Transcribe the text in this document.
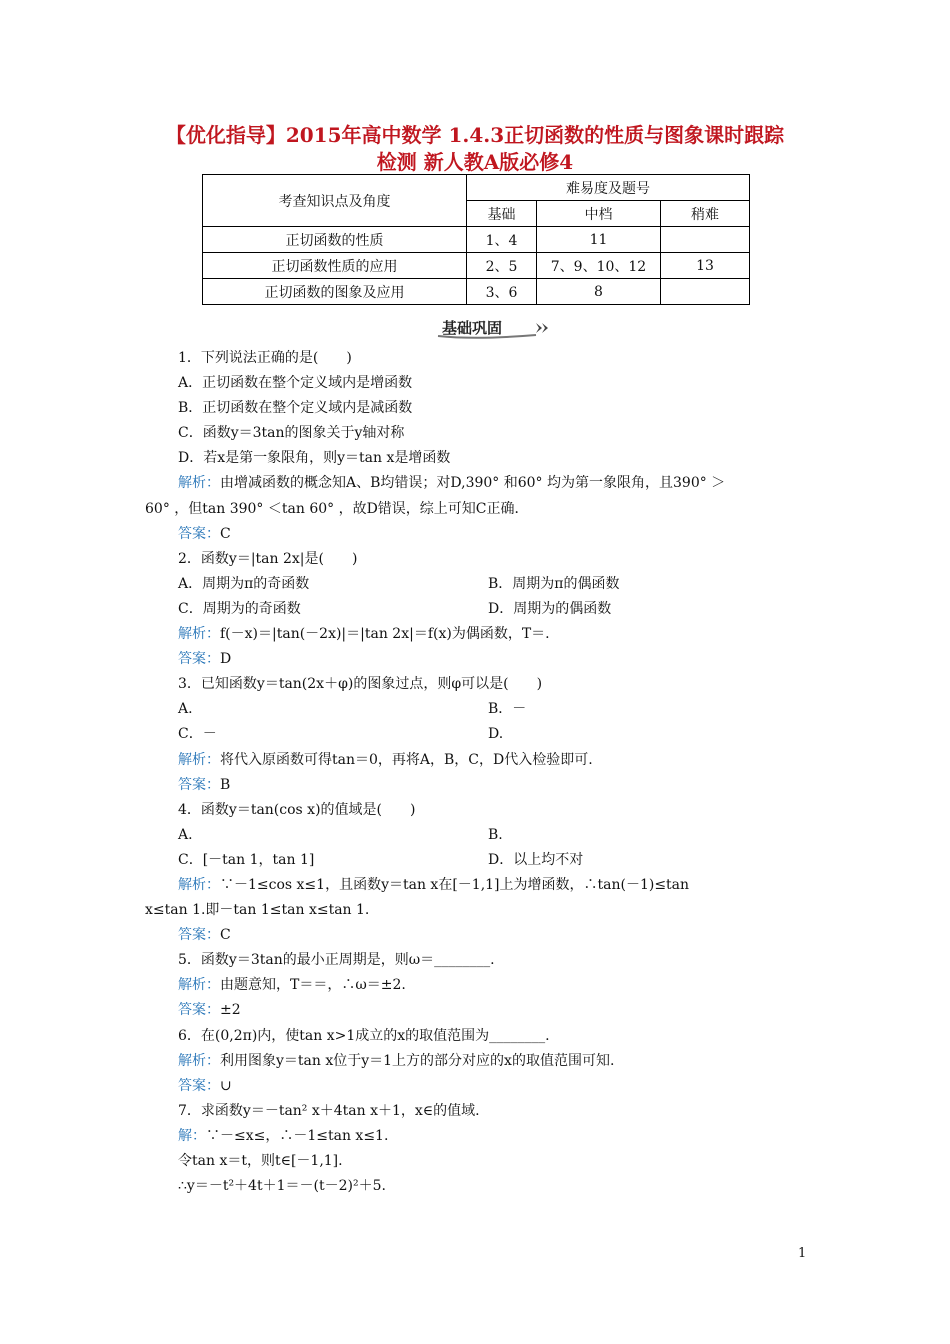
【优化指导】2015年高中数学 1.4.3正切函数的性质与图象课时跟踪
检测 新人教A版必修4
考查知识点及角度	难易度及题号		
	基础	中档	稍难
正切函数的性质	1、4	11	
正切函数性质的应用	2、5	7、9、10、12	13
正切函数的图象及应用	3、6	8	
基础巩固
1．下列说法正确的是(　　)
A．正切函数在整个定义域内是增函数
B．正切函数在整个定义域内是减函数
C．函数y＝3tan的图象关于y轴对称
D．若x是第一象限角，则y＝tan x是增函数
解析：由增减函数的概念知A、B均错误；对D,390° 和60° 均为第一象限角，且390° ＞
60° ，但tan 390° ＜tan 60° ，故D错误，综上可知C正确．
答案：C
2．函数y＝|tan 2x|是(　　)
A．周期为π的奇函数	B．周期为π的偶函数
C．周期为的奇函数	D．周期为的偶函数
解析：f(－x)＝|tan(－2x)|＝|tan 2x|＝f(x)为偶函数，T＝.
答案：D
3．已知函数y＝tan(2x＋φ)的图象过点，则φ可以是(　　)
A.	B．－
C．－	D.
解析：将代入原函数可得tan＝0，再将A，B，C，D代入检验即可.
答案：B
4．函数y＝tan(cos x)的值域是(　　)
A.	B.
C．[－tan 1，tan 1]	D．以上均不对
解析：∵－1≤cos x≤1，且函数y＝tan x在[－1,1]上为增函数，∴tan(－1)≤tan
x≤tan 1.即－tan 1≤tan x≤tan 1.
答案：C
5．函数y＝3tan的最小正周期是，则ω＝________.
解析：由题意知，T＝＝，∴ω＝±2.
答案：±2
6．在(0,2π)内，使tan x>1成立的x的取值范围为________.
解析：利用图象y＝tan x位于y＝1上方的部分对应的x的取值范围可知.
答案：∪
7．求函数y＝－tan² x＋4tan x＋1，x∈的值域.
解：∵－≤x≤，∴－1≤tan x≤1.
令tan x＝t，则t∈[－1,1].
∴y＝－t²＋4t＋1＝－(t－2)²＋5.
1
